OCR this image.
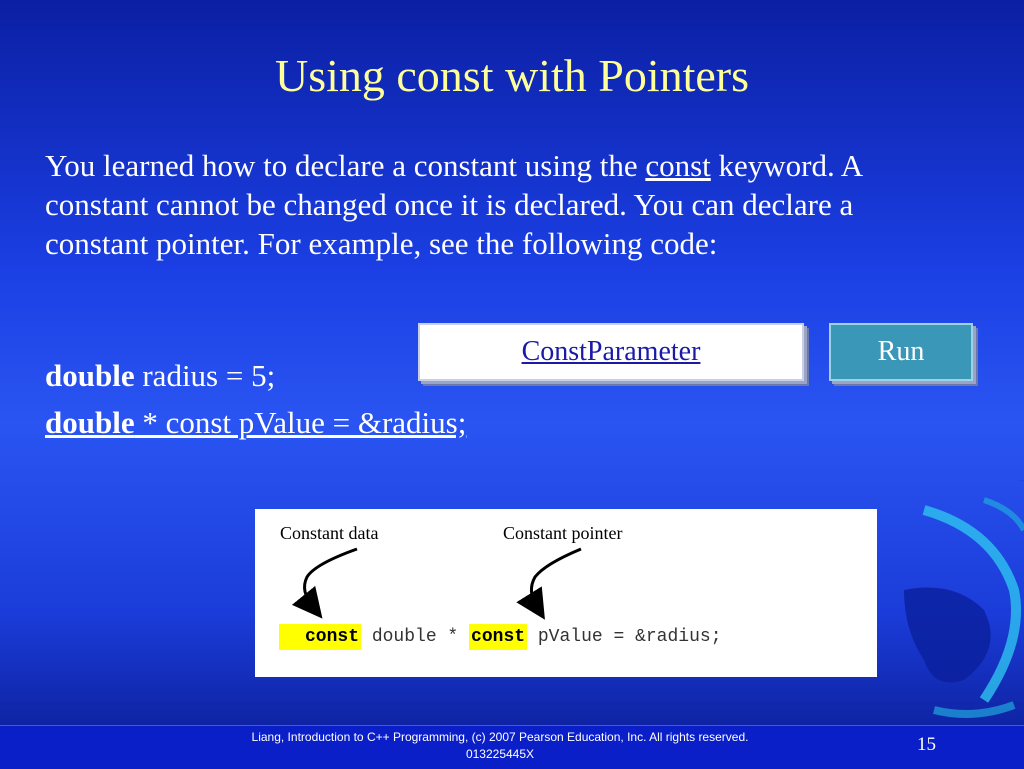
Using const with Pointers
You learned how to declare a constant using the const keyword. A constant cannot be changed once it is declared. You can declare a constant pointer. For example, see the following code:
double radius = 5;
double * const pValue = &radius;
ConstParameter	Run
Constant data	Constant pointer
const double * const pValue = &radius;
Liang, Introduction to C++ Programming, (c) 2007 Pearson Education, Inc. All rights reserved.
013225445X	15
